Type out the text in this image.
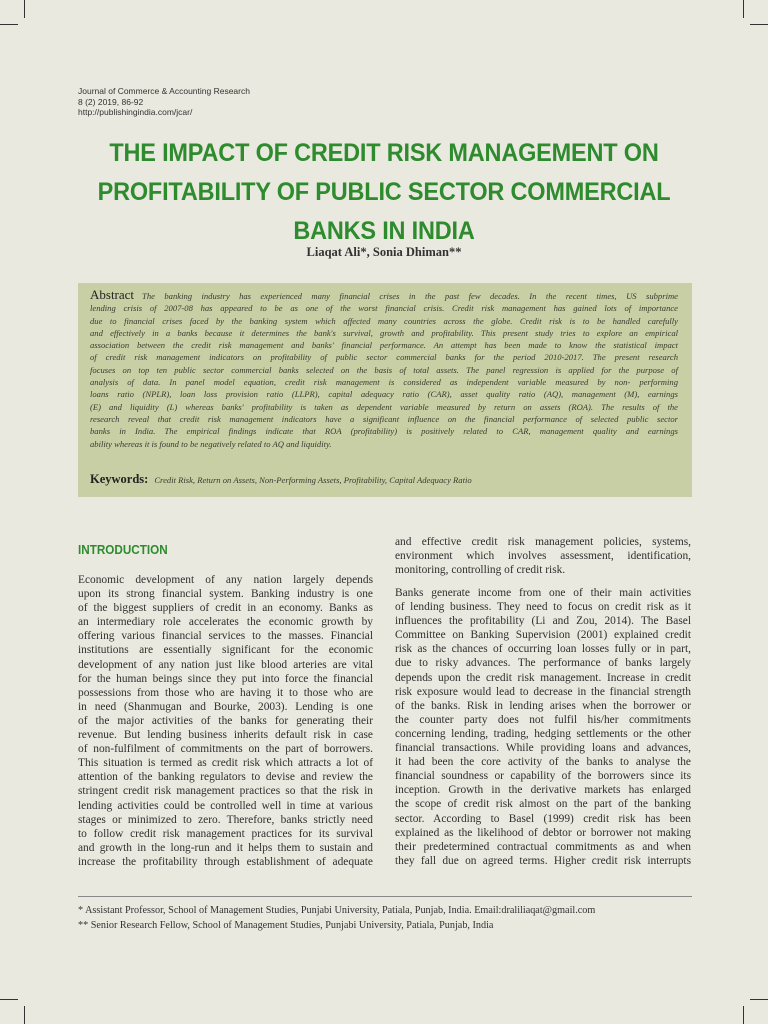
Journal of Commerce & Accounting Research
8 (2) 2019, 86-92
http://publishingindia.com/jcar/
THE IMPACT OF CREDIT RISK MANAGEMENT ON
PROFITABILITY OF PUBLIC SECTOR COMMERCIAL
BANKS IN INDIA
Liaqat Ali*, Sonia Dhiman**
Abstract The banking industry has experienced many financial crises in the past few decades. In the recent times, US subprime
lending crisis of 2007-08 has appeared to be as one of the worst financial crisis. Credit risk management has gained lots of importance
due to financial crises faced by the banking system which affected many countries across the globe. Credit risk is to be handled carefully
and effectively in a banks because it determines the bank's survival, growth and profitability. This present study tries to explore an empirical
association between the credit risk management and banks' financial performance. An attempt has been made to know the statistical impact
of credit risk management indicators on profitability of public sector commercial banks for the period 2010-2017. The present research
focuses on top ten public sector commercial banks selected on the basis of total assets. The panel regression is applied for the purpose of
analysis of data. In panel model equation, credit risk management is considered as independent variable measured by non- performing
loans ratio (NPLR), loan loss provision ratio (LLPR), capital adequacy ratio (CAR), asset quality ratio (AQ), management (M), earnings
(E) and liquidity (L) whereas banks' profitability is taken as dependent variable measured by return on assets (ROA). The results of the
research reveal that credit risk management indicators have a significant influence on the financial performance of selected public sector
banks in India. The empirical findings indicate that ROA (profitability) is positively related to CAR, management quality and earnings
ability whereas it is found to be negatively related to AQ and liquidity.
Keywords: Credit Risk, Return on Assets, Non-Performing Assets, Profitability, Capital Adequacy Ratio
INTRODUCTION
Economic development of any nation largely depends
upon its strong financial system. Banking industry is one
of the biggest suppliers of credit in an economy. Banks as
an intermediary role accelerates the economic growth by
offering various financial services to the masses. Financial
institutions are essentially significant for the economic
development of any nation just like blood arteries are vital
for the human beings since they put into force the financial
possessions from those who are having it to those who are
in need (Shanmugan and Bourke, 2003). Lending is one
of the major activities of the banks for generating their
revenue. But lending business inherits default risk in case
of non-fulfilment of commitments on the part of borrowers.
This situation is termed as credit risk which attracts a lot of
attention of the banking regulators to devise and review the
stringent credit risk management practices so that the risk in
lending activities could be controlled well in time at various
stages or minimized to zero. Therefore, banks strictly need
to follow credit risk management practices for its survival
and growth in the long-run and it helps them to sustain and
increase the profitability through establishment of adequate
and effective credit risk management policies, systems,
environment which involves assessment, identification,
monitoring, controlling of credit risk.
Banks generate income from one of their main activities
of lending business. They need to focus on credit risk as it
influences the profitability (Li and Zou, 2014). The Basel
Committee on Banking Supervision (2001) explained credit
risk as the chances of occurring loan losses fully or in part,
due to risky advances. The performance of banks largely
depends upon the credit risk management. Increase in credit
risk exposure would lead to decrease in the financial strength
of the banks. Risk in lending arises when the borrower or
the counter party does not fulfil his/her commitments
concerning lending, trading, hedging settlements or the other
financial transactions. While providing loans and advances,
it had been the core activity of the banks to analyse the
financial soundness or capability of the borrowers since its
inception. Growth in the derivative markets has enlarged
the scope of credit risk almost on the part of the banking
sector. According to Basel (1999) credit risk has been
explained as the likelihood of debtor or borrower not making
their predetermined contractual commitments as and when
they fall due on agreed terms. Higher credit risk interrupts
* Assistant Professor, School of Management Studies, Punjabi University, Patiala, Punjab, India. Email:draliliaqat@gmail.com
** Senior Research Fellow, School of Management Studies, Punjabi University, Patiala, Punjab, India
